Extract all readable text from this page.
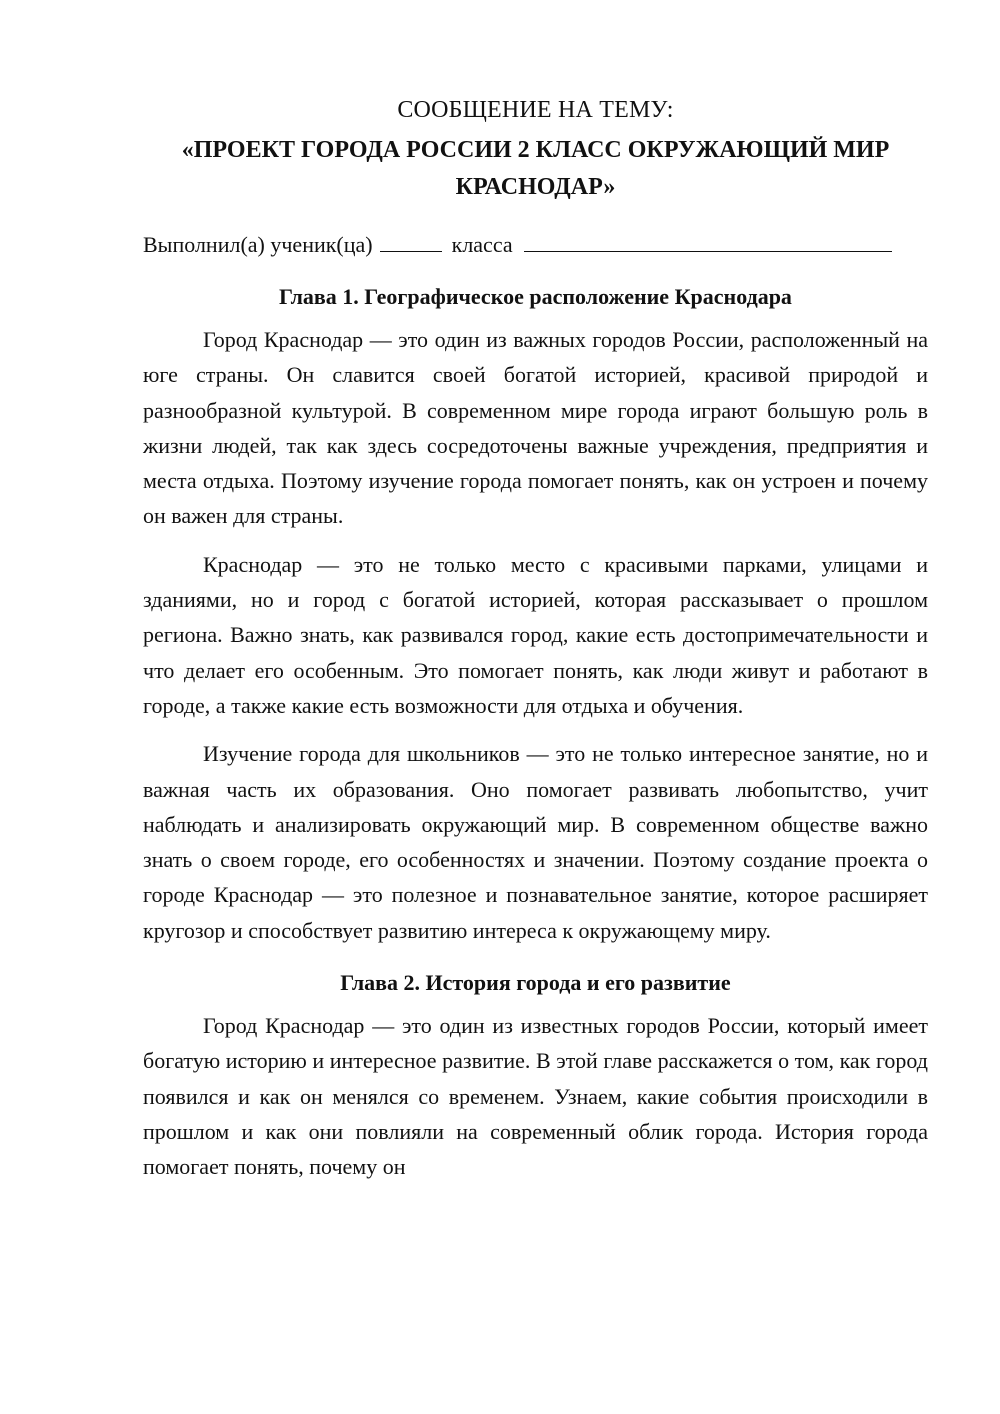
СООБЩЕНИЕ НА ТЕМУ:

«ПРОЕКТ ГОРОДА РОССИИ 2 КЛАСС ОКРУЖАЮЩИЙ МИР КРАСНОДАР»

Выполнил(а) ученик(ца)	класса

Глава 1. Географическое расположение Краснодара

Город Краснодар — это один из важных городов России, расположенный на юге страны. Он славится своей богатой историей, красивой природой и разнообразной культурой. В современном мире города играют большую роль в жизни людей, так как здесь сосредоточены важные учреждения, предприятия и места отдыха. Поэтому изучение города помогает понять, как он устроен и почему он важен для страны.

Краснодар — это не только место с красивыми парками, улицами и зданиями, но и город с богатой историей, которая рассказывает о прошлом региона. Важно знать, как развивался город, какие есть достопримечательности и что делает его особенным. Это помогает понять, как люди живут и работают в городе, а также какие есть возможности для отдыха и обучения.

Изучение города для школьников — это не только интересное занятие, но и важная часть их образования. Оно помогает развивать любопытство, учит наблюдать и анализировать окружающий мир. В современном обществе важно знать о своем городе, его особенностях и значении. Поэтому создание проекта о городе Краснодар — это полезное и познавательное занятие, которое расширяет кругозор и способствует развитию интереса к окружающему миру.

Глава 2. История города и его развитие

Город Краснодар — это один из известных городов России, который имеет богатую историю и интересное развитие. В этой главе расскажется о том, как город появился и как он менялся со временем. Узнаем, какие события происходили в прошлом и как они повлияли на современный облик города. История города помогает понять, почему он
